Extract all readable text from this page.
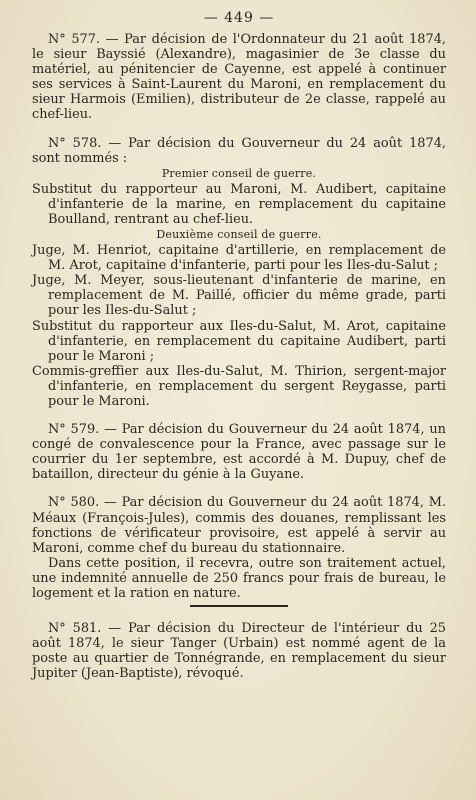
— 449 —

N° 577. — Par décision de l'Ordonnateur du 21 août 1874, le sieur Bayssié (Alexandre), magasinier de 3e classe du matériel, au pénitencier de Cayenne, est appelé à continuer ses services à Saint-Laurent du Maroni, en remplacement du sieur Harmois (Emilien), distributeur de 2e classe, rappelé au chef-lieu.

N° 578. — Par décision du Gouverneur du 24 août 1874, sont nommés :

Premier conseil de guerre.

Substitut du rapporteur au Maroni, M. Audibert, capitaine d'infanterie de la marine, en remplacement du capitaine Boulland, rentrant au chef-lieu.

Deuxième conseil de guerre.

Juge, M. Henriot, capitaine d'artillerie, en remplacement de M. Arot, capitaine d'infanterie, parti pour les Iles-du-Salut ;

Juge, M. Meyer, sous-lieutenant d'infanterie de marine, en remplacement de M. Paillé, officier du même grade, parti pour les Iles-du-Salut ;

Substitut du rapporteur aux Iles-du-Salut, M. Arot, capitaine d'infanterie, en remplacement du capitaine Audibert, parti pour le Maroni ;

Commis-greffier aux Iles-du-Salut, M. Thirion, sergent-major d'infanterie, en remplacement du sergent Reygasse, parti pour le Maroni.

N° 579. — Par décision du Gouverneur du 24 août 1874, un congé de convalescence pour la France, avec passage sur le courrier du 1er septembre, est accordé à M. Dupuy, chef de bataillon, directeur du génie à la Guyane.

N° 580. — Par décision du Gouverneur du 24 août 1874, M. Méaux (François-Jules), commis des douanes, remplissant les fonctions de vérificateur provisoire, est appelé à servir au Maroni, comme chef du bureau du stationnaire.

Dans cette position, il recevra, outre son traitement actuel, une indemnité annuelle de 250 francs pour frais de bureau, le logement et la ration en nature.

N° 581. — Par décision du Directeur de l'intérieur du 25 août 1874, le sieur Tanger (Urbain) est nommé agent de la poste au quartier de Tonnégrande, en remplacement du sieur Jupiter (Jean-Baptiste), révoqué.
